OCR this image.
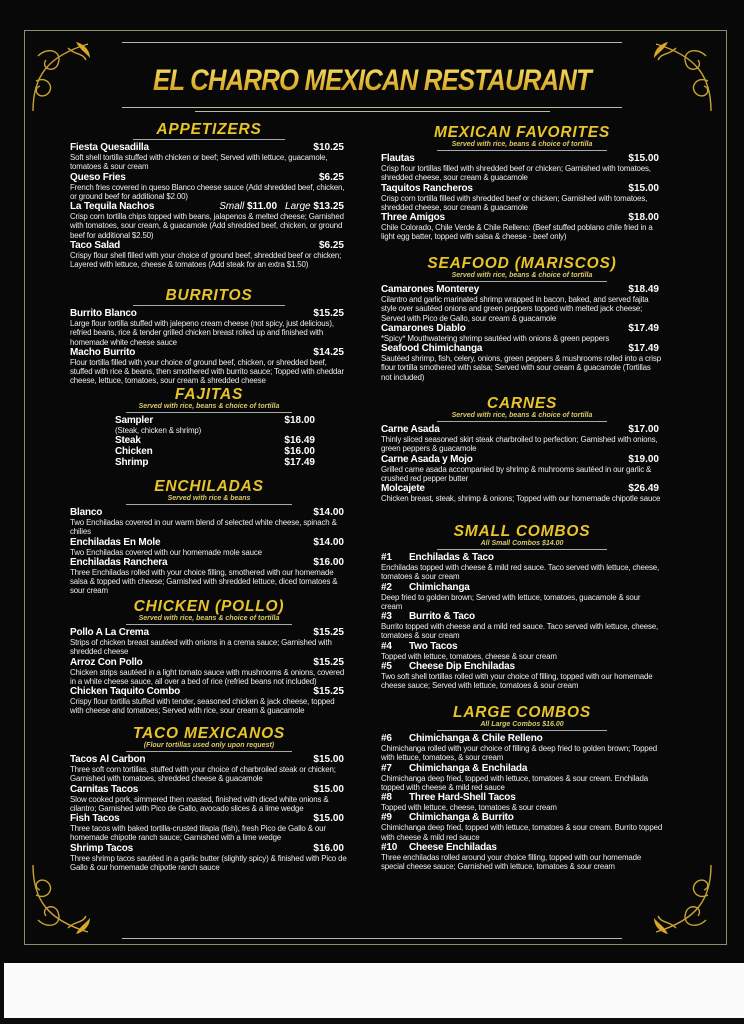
EL CHARRO MEXICAN RESTAURANT
APPETIZERS
Fiesta Quesadilla	$10.25
Soft shell tortilla stuffed with chicken or beef; Served with lettuce, guacamole, tomatoes & sour cream
Queso Fries	$6.25
French fries covered in queso Blanco cheese sauce (Add shredded beef, chicken, or ground beef for additional $2.00)
La Tequila Nachos	Small $11.00 Large $13.25
Crisp corn tortilla chips topped with beans, jalapenos & melted cheese; Garnished with tomatoes, sour cream, & guacamole (Add shredded beef, chicken, or ground beef for additional $2.50)
Taco Salad	$6.25
Crispy flour shell filled with your choice of ground beef, shredded beef or chicken; Layered with lettuce, cheese & tomatoes (Add steak for an extra $1.50)
BURRITOS
Burrito Blanco	$15.25
Large flour tortilla stuffed with jalepeno cream cheese (not spicy, just delicious), refried beans, rice & tender grilled chicken breast rolled up and finished with homemade white cheese sauce
Macho Burrito	$14.25
Flour tortilla filled with your choice of ground beef, chicken, or shredded beef, stuffed with rice & beans, then smothered with burrito sauce; Topped with cheddar cheese, lettuce, tomatoes, sour cream & shredded cheese
FAJITAS
Served with rice, beans & choice of tortilla
Sampler	$18.00
(Steak, chicken & shrimp)
Steak	$16.49
Chicken	$16.00
Shrimp	$17.49
ENCHILADAS
Served with rice & beans
Blanco	$14.00
Two Enchiladas covered in our warm blend of selected white cheese, spinach & chilies
Enchiladas En Mole	$14.00
Two Enchiladas covered with our homemade mole sauce
Enchiladas Ranchera	$16.00
Three Enchiladas rolled with your choice filling, smothered with our homemade salsa & topped with cheese; Garnished with shredded lettuce, diced tomatoes & sour cream
CHICKEN (POLLO)
Served with rice, beans & choice of tortilla
Pollo A La Crema	$15.25
Strips of chicken breast sautéed with onions in a crema sauce; Garnished with shredded cheese
Arroz Con Pollo	$15.25
Chicken strips sautéed in a light tomato sauce with mushrooms & onions, covered in a white cheese sauce, all over a bed of rice (refried beans not included)
Chicken Taquito Combo	$15.25
Crispy flour tortilla stuffed with tender, seasoned chicken & jack cheese, topped with cheese and tomatoes; Served with rice, sour cream & guacamole
TACO MEXICANOS
(Flour tortillas used only upon request)
Tacos Al Carbon	$15.00
Three soft corn tortillas, stuffed with your choice of charbroiled steak or chicken; Garnished with tomatoes, shredded cheese & guacamole
Carnitas Tacos	$15.00
Slow cooked pork, simmered then roasted, finished with diced white onions & cilantro; Garnished with Pico de Gallo, avocado slices & a lime wedge
Fish Tacos	$15.00
Three tacos with baked tortilla-crusted tilapia (fish), fresh Pico de Gallo & our homemade chipotle ranch sauce; Garnished with a lime wedge
Shrimp Tacos	$16.00
Three shrimp tacos sautéed in a garlic butter (slightly spicy) & finished with Pico de Gallo & our homemade chipotle ranch sauce
MEXICAN FAVORITES
Served with rice, beans & choice of tortilla
Flautas	$15.00
Crisp flour tortillas filled with shredded beef or chicken; Garnished with tomatoes, shredded cheese, sour cream & guacamole
Taquitos Rancheros	$15.00
Crisp corn tortilla filled with shredded beef or chicken; Garnished with tomatoes, shredded cheese, sour cream & guacamole
Three Amigos	$18.00
Chile Colorado, Chile Verde & Chile Relleno: (Beef stuffed poblano chile fried in a light egg batter, topped with salsa & cheese - beef only)
SEAFOOD (MARISCOS)
Served with rice, beans & choice of tortilla
Camarones Monterey	$18.49
Cilantro and garlic marinated shrimp wrapped in bacon, baked, and served fajita style over sautéed onions and green peppers topped with melted jack cheese; Served with Pico de Gallo, sour cream & guacamole
Camarones Diablo	$17.49
*Spicy* Mouthwatering shrimp sautéed with onions & green peppers
Seafood Chimichanga	$17.49
Sautéed shrimp, fish, celery, onions, green peppers & mushrooms rolled into a crisp flour tortilla smothered with salsa; Served with sour cream & guacamole (Tortillas not included)
CARNES
Served with rice, beans & choice of tortilla
Carne Asada	$17.00
Thinly sliced seasoned skirt steak charbroiled to perfection; Garnished with onions, green peppers & guacamole
Carne Asada y Mojo	$19.00
Grilled carne asada accompanied by shrimp & muhrooms sautéed in our garlic & crushed red pepper butter
Molcajete	$26.49
Chicken breast, steak, shrimp & onions; Topped with our homemade chipotle sauce
SMALL COMBOS
All Small Combos $14.00
#1 Enchiladas & Taco
Enchiladas topped with cheese & mild red sauce. Taco served with lettuce, cheese, tomatoes & sour cream
#2 Chimichanga
Deep fried to golden brown; Served with lettuce, tomatoes, guacamole & sour cream
#3 Burrito & Taco
Burrito topped with cheese and a mild red sauce. Taco served with lettuce, cheese, tomatoes & sour cream
#4 Two Tacos
Topped with lettuce, tomatoes, cheese & sour cream
#5 Cheese Dip Enchiladas
Two soft shell tortillas rolled with your choice of filling, topped with our homemade cheese sauce; Served with lettuce, tomatoes & sour cream
LARGE COMBOS
All Large Combos $16.00
#6 Chimichanga & Chile Relleno
Chimichanga rolled with your choice of filling & deep fried to golden brown; Topped with lettuce, tomatoes, & sour cream
#7 Chimichanga & Enchilada
Chimichanga deep fried, topped with lettuce, tomatoes & sour cream. Enchilada topped with cheese & mild red sauce
#8 Three Hard-Shell Tacos
Topped with lettuce, cheese, tomatoes & sour cream
#9 Chimichanga & Burrito
Chimichanga deep fried, topped with lettuce, tomatoes & sour cream. Burrito topped with cheese & mild red sauce
#10 Cheese Enchiladas
Three enchiladas rolled around your choice filling, topped with our homemade special cheese sauce; Garnished with lettuce, tomatoes & sour cream
